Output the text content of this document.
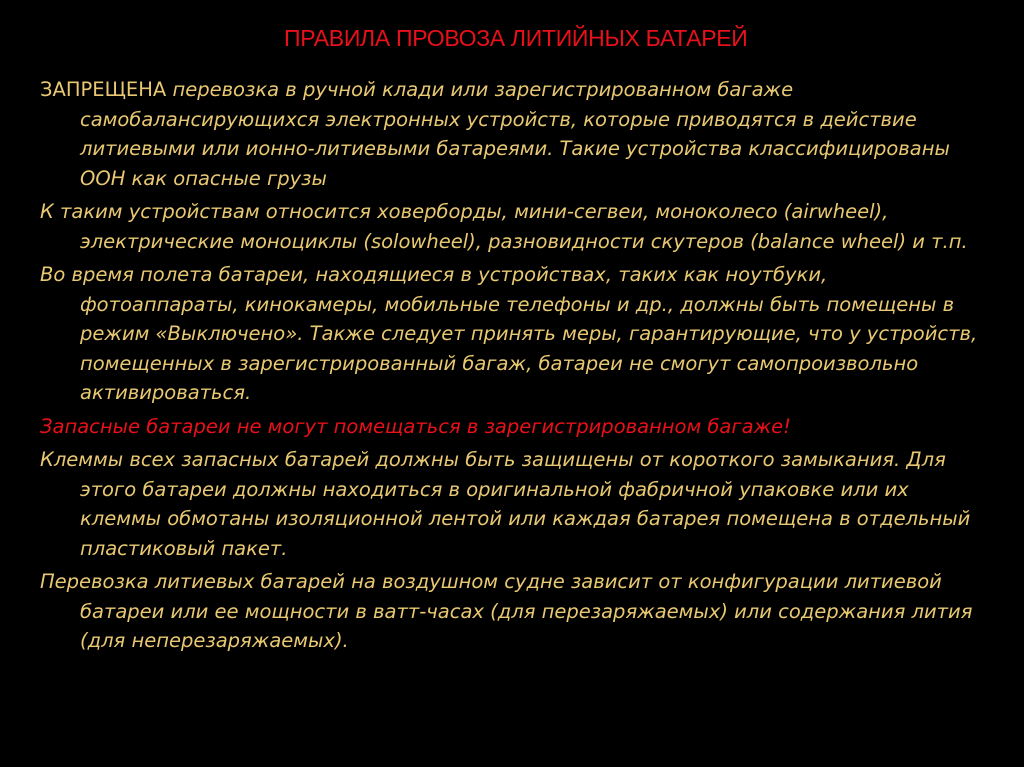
ПРАВИЛА ПРОВОЗА ЛИТИЙНЫХ БАТАРЕЙ

ЗАПРЕЩЕНА перевозка в ручной клади или зарегистрированном багаже самобалансирующихся электронных устройств, которые приводятся в действие литиевыми или ионно-литиевыми батареями. Такие устройства классифицированы ООН как опасные грузы

К таким устройствам относится ховерборды, мини-сегвеи, моноколесо (airwheel), электрические моноциклы (solowheel), разновидности скутеров (balance wheel) и т.п.

Во время полета батареи, находящиеся в устройствах, таких как ноутбуки, фотоаппараты, кинокамеры, мобильные телефоны и др., должны быть помещены в режим «Выключено». Также следует принять меры, гарантирующие, что у устройств, помещенных в зарегистрированный багаж, батареи не смогут самопроизвольно активироваться.

Запасные батареи не могут помещаться в зарегистрированном багаже!

Клеммы всех запасных батарей должны быть защищены от короткого замыкания. Для этого батареи должны находиться в оригинальной фабричной упаковке или их клеммы обмотаны изоляционной лентой или каждая батарея помещена в отдельный пластиковый пакет.

Перевозка литиевых батарей на воздушном судне зависит от конфигурации литиевой батареи или ее мощности в ватт-часах (для перезаряжаемых) или содержания лития (для неперезаряжаемых).
